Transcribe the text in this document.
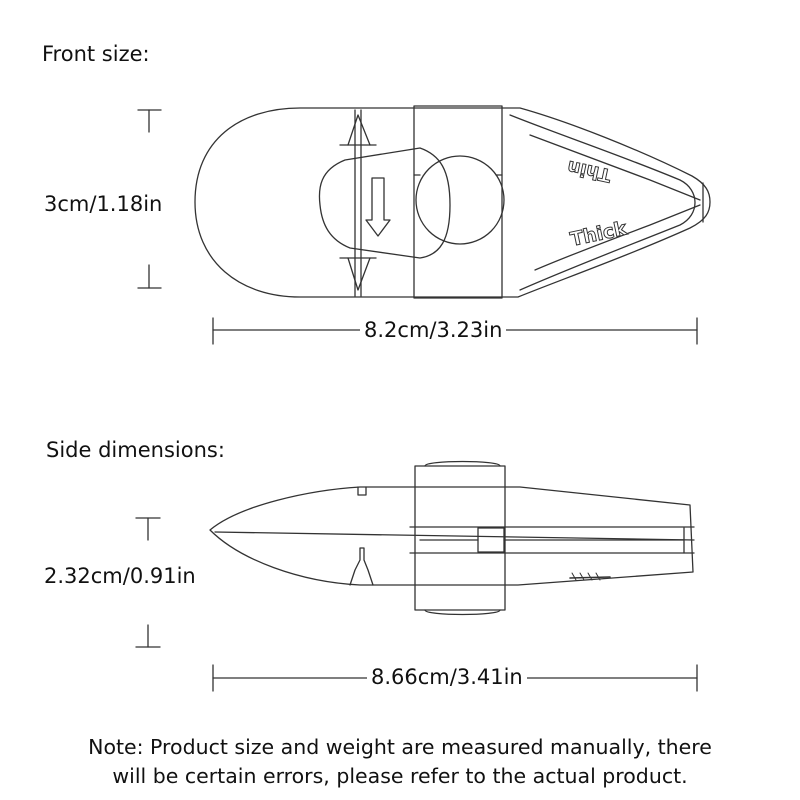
Thin
Thick
Front size:
3cm/1.18in
8.2cm/3.23in
Side dimensions:
2.32cm/0.91in
8.66cm/3.41in
Note: Product size and weight are measured manually, there
will be certain errors, please refer to the actual product.
